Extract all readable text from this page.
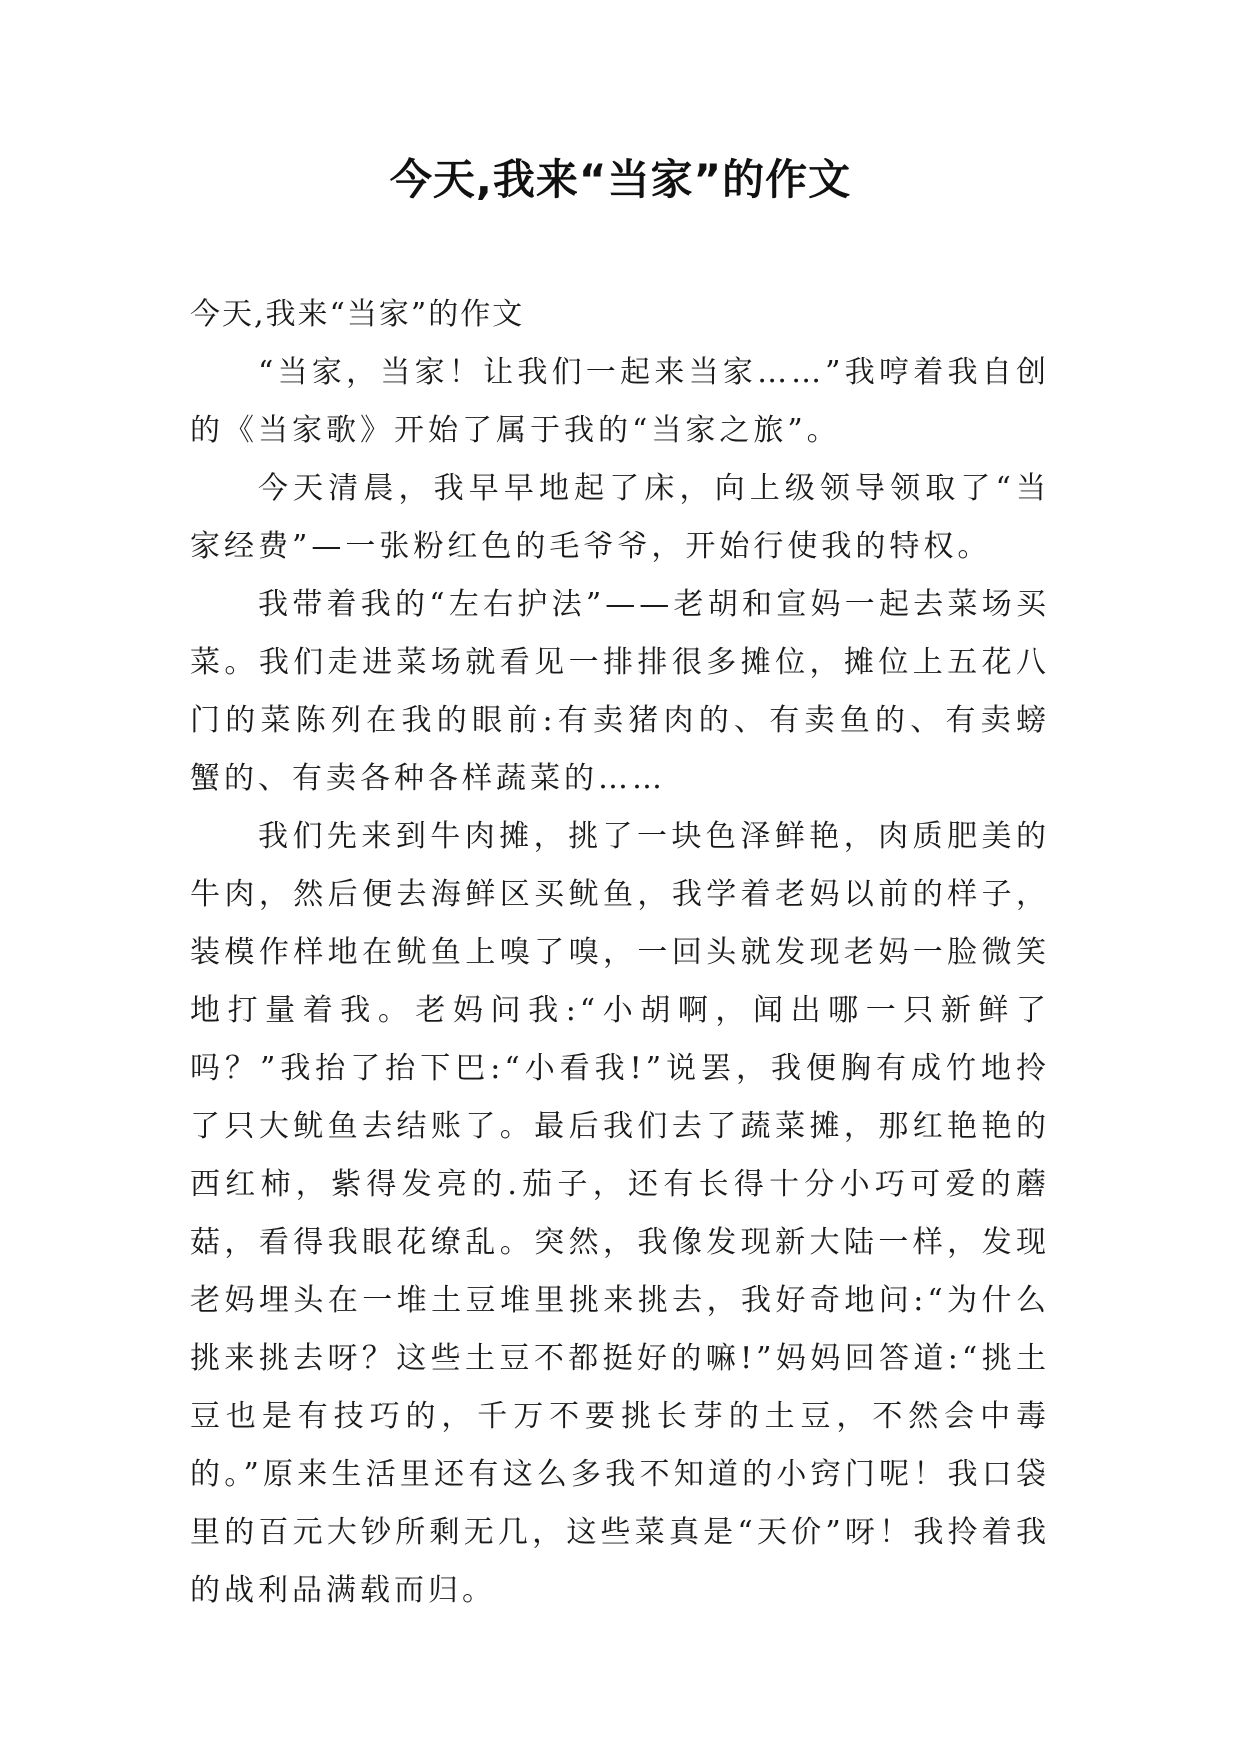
今天,我来“当家”的作文

今天,我来“当家”的作文

“当家，当家！让我们一起来当家……”我哼着我自创的《当家歌》开始了属于我的“当家之旅”。

今天清晨，我早早地起了床，向上级领导领取了“当家经费”—一张粉红色的毛爷爷，开始行使我的特权。

我带着我的“左右护法”——老胡和宣妈一起去菜场买菜。我们走进菜场就看见一排排很多摊位，摊位上五花八门的菜陈列在我的眼前:有卖猪肉的、有卖鱼的、有卖螃蟹的、有卖各种各样蔬菜的……

我们先来到牛肉摊，挑了一块色泽鲜艳，肉质肥美的牛肉，然后便去海鲜区买鱿鱼，我学着老妈以前的样子，装模作样地在鱿鱼上嗅了嗅，一回头就发现老妈一脸微笑地打量着我。老妈问我:“小胡啊，闻出哪一只新鲜了吗？”我抬了抬下巴:“小看我!”说罢，我便胸有成竹地拎了只大鱿鱼去结账了。最后我们去了蔬菜摊，那红艳艳的西红柿，紫得发亮的.茄子，还有长得十分小巧可爱的蘑菇，看得我眼花缭乱。突然，我像发现新大陆一样，发现老妈埋头在一堆土豆堆里挑来挑去，我好奇地问:“为什么挑来挑去呀？这些土豆不都挺好的嘛!”妈妈回答道:“挑土豆也是有技巧的，千万不要挑长芽的土豆，不然会中毒的。”原来生活里还有这么多我不知道的小窍门呢！我口袋里的百元大钞所剩无几，这些菜真是“天价”呀！我拎着我的战利品满载而归。
